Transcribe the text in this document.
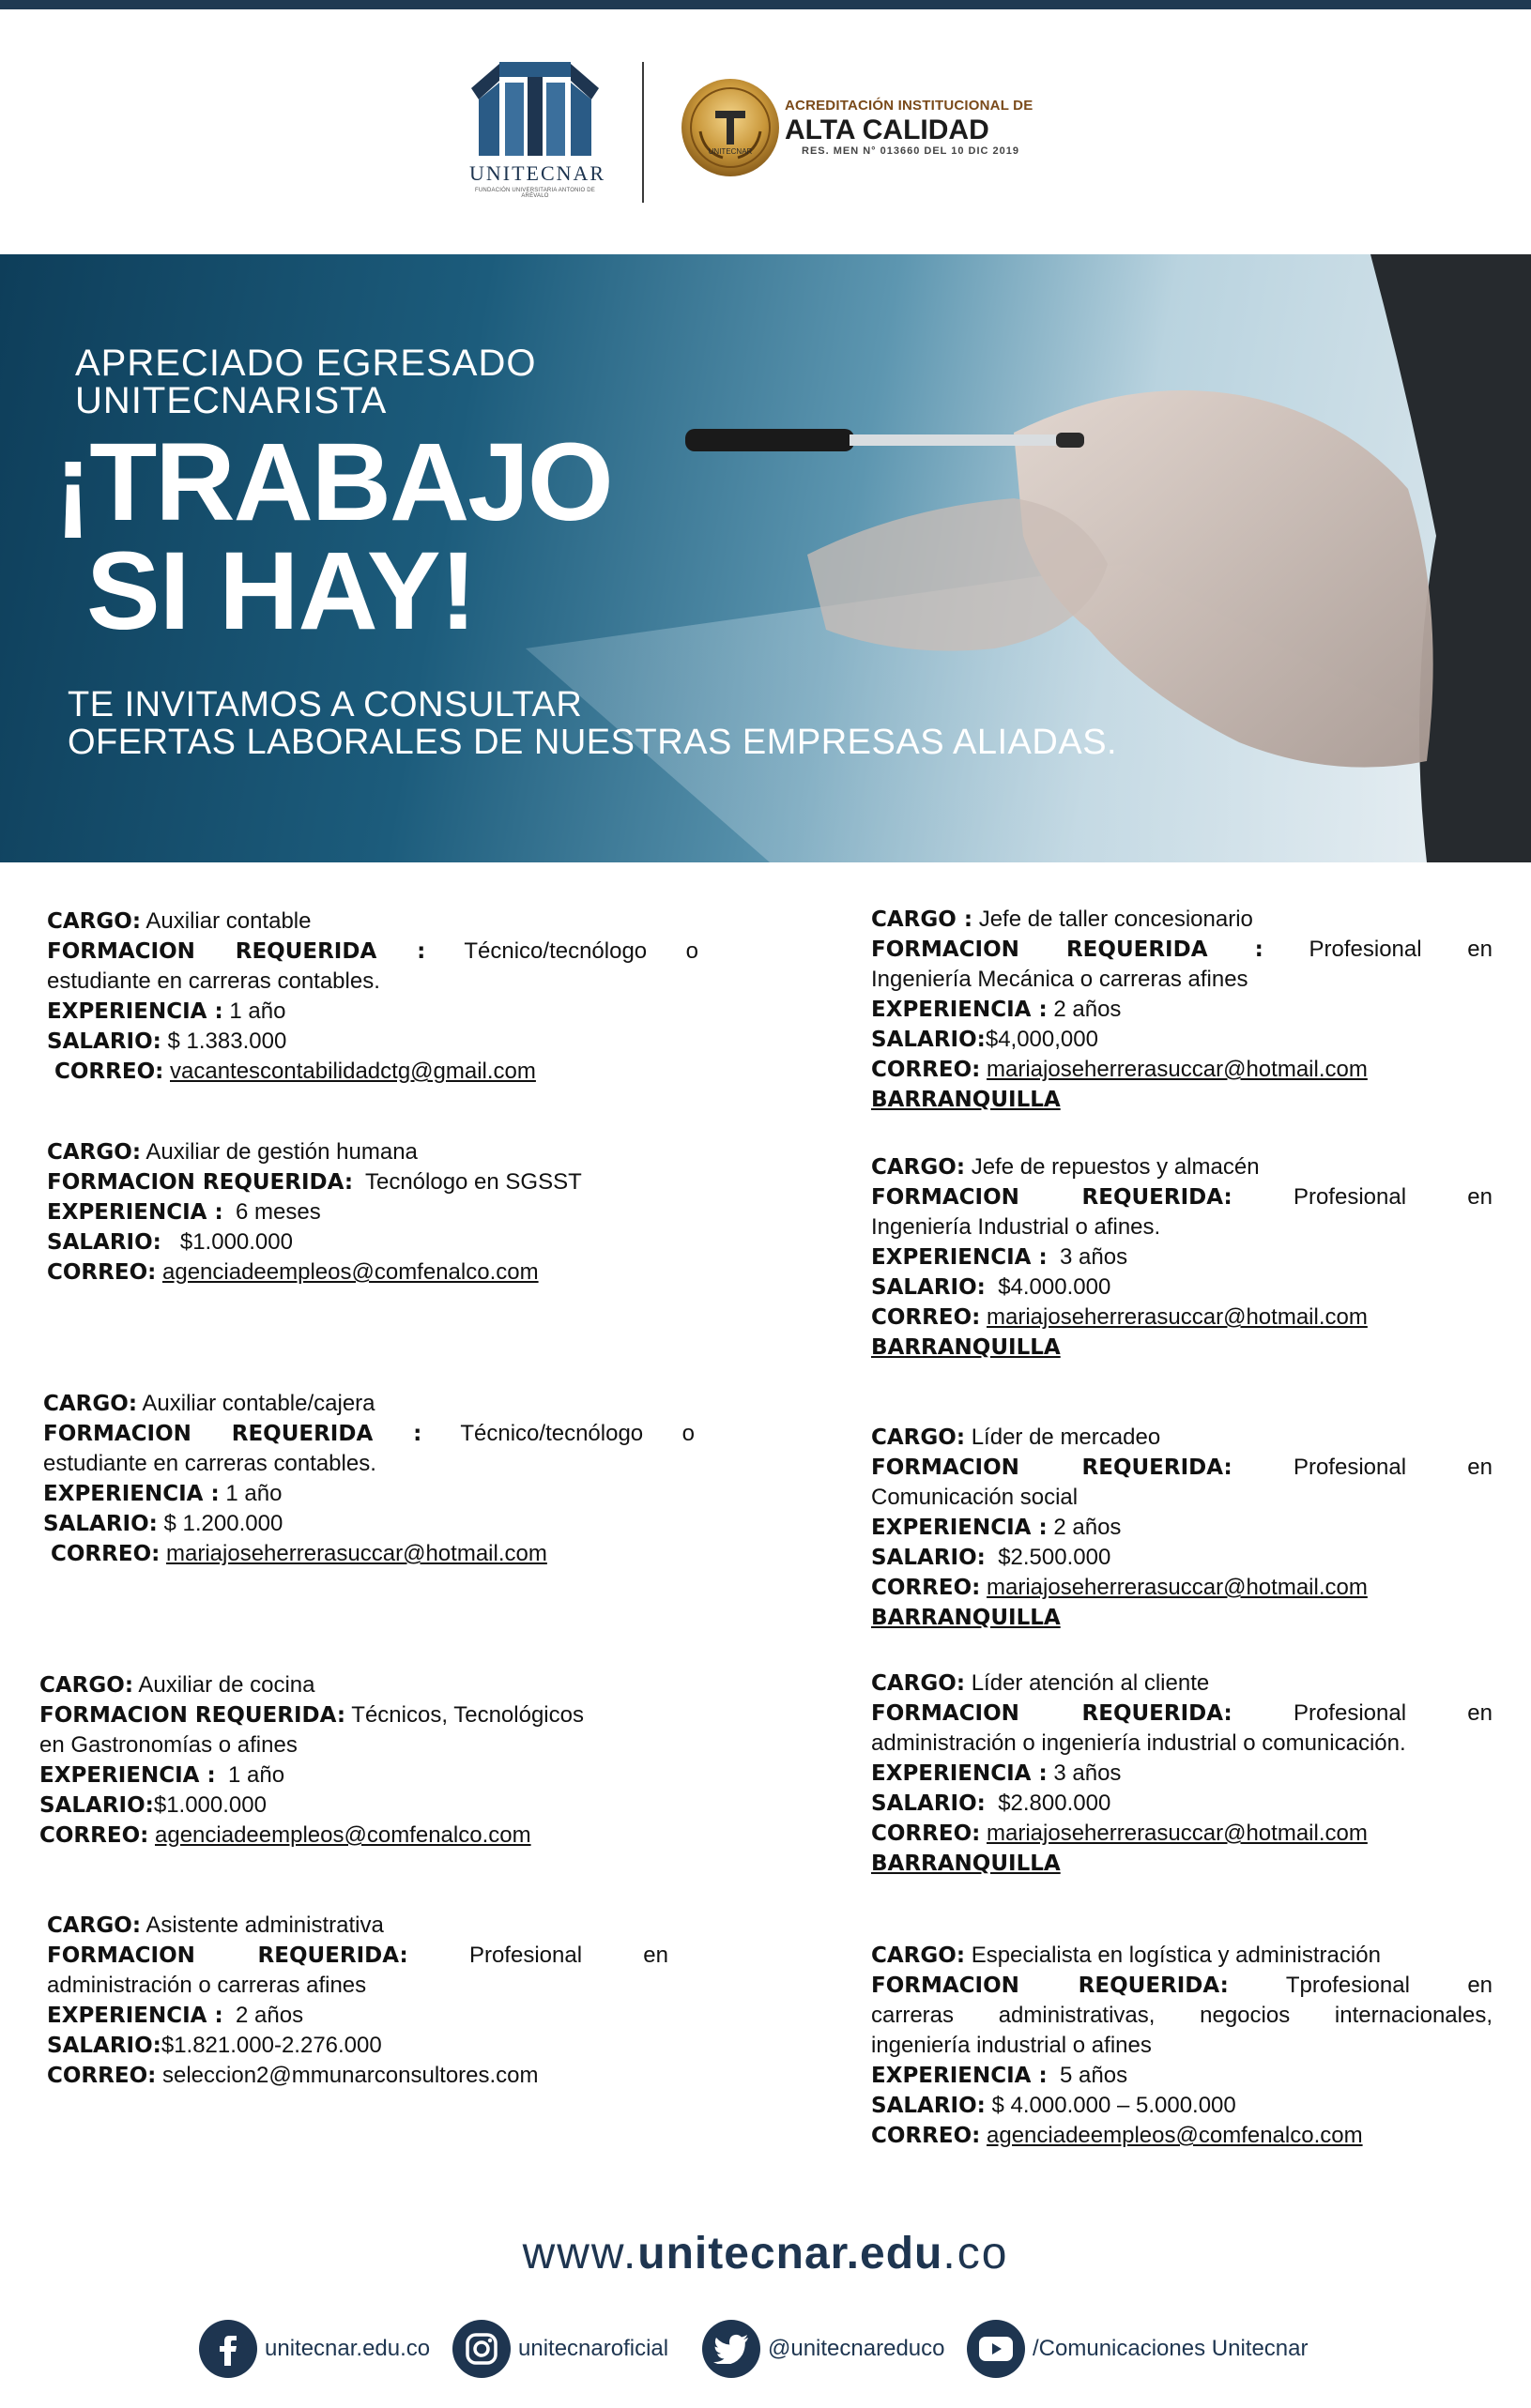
UNITECNAR
FUNDACIÓN UNIVERSITARIA ANTONIO DE ARÉVALO
UNITECNAR
ACREDITACIÓN INSTITUCIONAL DE
ALTA CALIDAD
RES. MEN N° 013660 DEL 10 DIC 2019
APRECIADO EGRESADO
UNITECNARISTA
¡TRABAJO
SI HAY!
TE INVITAMOS A CONSULTAR
OFERTAS LABORALES DE NUESTRAS EMPRESAS ALIADAS.
CARGO: Auxiliar contable
FORMACION REQUERIDA : Técnico/tecnólogo o
estudiante en carreras contables.
EXPERIENCIA : 1 año
SALARIO: $ 1.383.000
CORREO: vacantescontabilidadctg@gmail.com
CARGO: Auxiliar de gestión humana
FORMACION REQUERIDA: Tecnólogo en SGSST
EXPERIENCIA : 6 meses
SALARIO: $1.000.000
CORREO: agenciadeempleos@comfenalco.com
CARGO: Auxiliar contable/cajera
FORMACION REQUERIDA : Técnico/tecnólogo o
estudiante en carreras contables.
EXPERIENCIA : 1 año
SALARIO: $ 1.200.000
CORREO: mariajoseherrerasuccar@hotmail.com
CARGO: Auxiliar de cocina
FORMACION REQUERIDA: Técnicos, Tecnológicos
en Gastronomías o afines
EXPERIENCIA : 1 año
SALARIO:$1.000.000
CORREO: agenciadeempleos@comfenalco.com
CARGO: Asistente administrativa
FORMACION REQUERIDA:	Profesional en
administración o carreras afines
EXPERIENCIA : 2 años
SALARIO:$1.821.000-2.276.000
CORREO: seleccion2@mmunarconsultores.com
CARGO : Jefe de taller concesionario
FORMACION REQUERIDA : Profesional en
Ingeniería Mecánica o carreras afines
EXPERIENCIA : 2 años
SALARIO:$4,000,000
CORREO: mariajoseherrerasuccar@hotmail.com
BARRANQUILLA
CARGO: Jefe de repuestos y almacén
FORMACION REQUERIDA:	Profesional en
Ingeniería Industrial o afines.
EXPERIENCIA : 3 años
SALARIO: $4.000.000
CORREO: mariajoseherrerasuccar@hotmail.com
BARRANQUILLA
CARGO: Líder de mercadeo
FORMACION REQUERIDA:	Profesional en
Comunicación social
EXPERIENCIA : 2 años
SALARIO: $2.500.000
CORREO: mariajoseherrerasuccar@hotmail.com
BARRANQUILLA
CARGO: Líder atención al cliente
FORMACION REQUERIDA:	Profesional en
administración o ingeniería industrial o comunicación.
EXPERIENCIA : 3 años
SALARIO: $2.800.000
CORREO: mariajoseherrerasuccar@hotmail.com
BARRANQUILLA
CARGO: Especialista en logística y administración
FORMACION REQUERIDA:	Tprofesional en
carreras administrativas, negocios internacionales,
ingeniería industrial o afines
EXPERIENCIA : 5 años
SALARIO: $ 4.000.000 – 5.000.000
CORREO: agenciadeempleos@comfenalco.com
www.unitecnar.edu.co
unitecnar.edu.co	unitecnaroficial	@unitecnareduco	/Comunicaciones Unitecnar
